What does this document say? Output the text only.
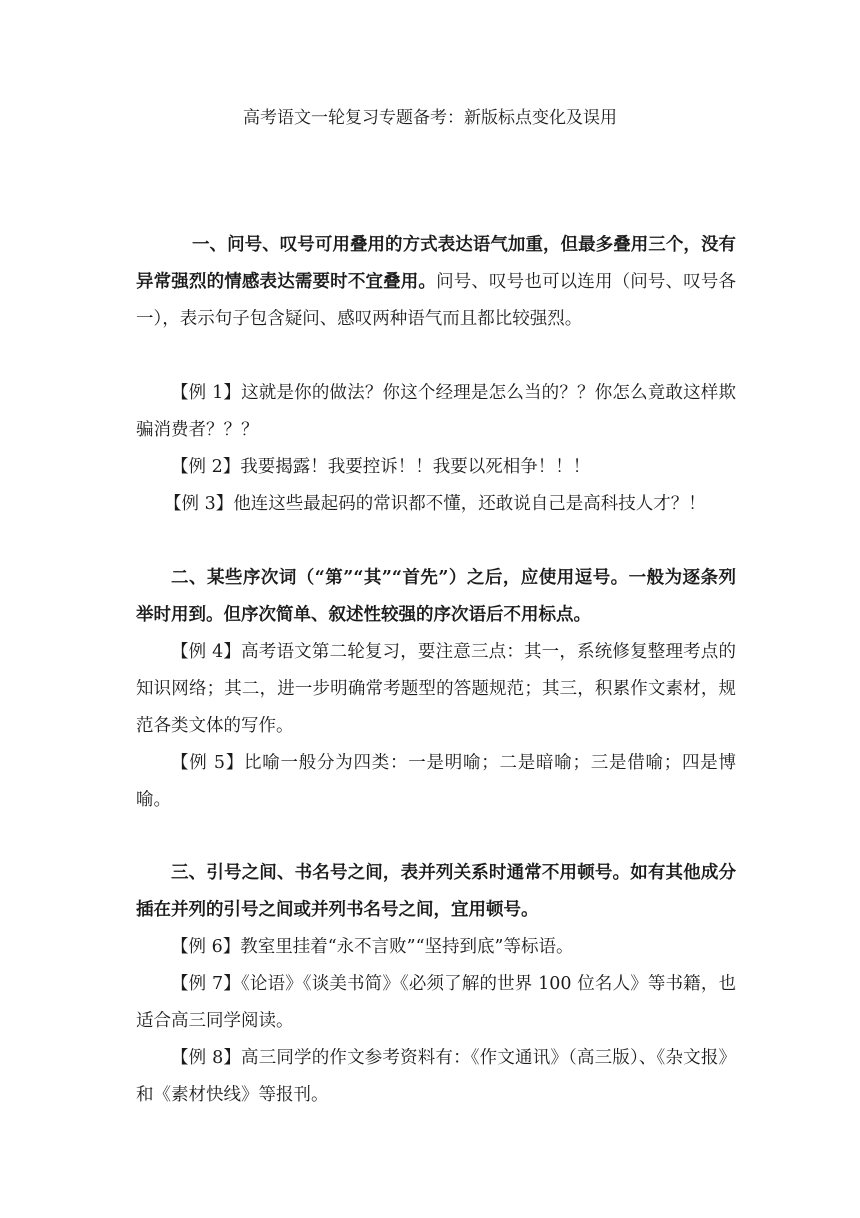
高考语文一轮复习专题备考：新版标点变化及误用
一、问号、叹号可用叠用的方式表达语气加重，但最多叠用三个，没有异常强烈的情感表达需要时不宜叠用。问号、叹号也可以连用（问号、叹号各一），表示句子包含疑问、感叹两种语气而且都比较强烈。
【例 1】这就是你的做法？你这个经理是怎么当的？？你怎么竟敢这样欺骗消费者？？？
【例 2】我要揭露！我要控诉！！我要以死相争！！！
【例 3】他连这些最起码的常识都不懂，还敢说自己是高科技人才？！
二、某些序次词（“第”“其”“首先”）之后，应使用逗号。一般为逐条列举时用到。但序次简单、叙述性较强的序次语后不用标点。
【例 4】高考语文第二轮复习，要注意三点：其一，系统修复整理考点的知识网络；其二，进一步明确常考题型的答题规范；其三，积累作文素材，规范各类文体的写作。
【例 5】比喻一般分为四类：一是明喻；二是暗喻；三是借喻；四是博喻。
三、引号之间、书名号之间，表并列关系时通常不用顿号。如有其他成分插在并列的引号之间或并列书名号之间，宜用顿号。
【例 6】教室里挂着“永不言败”“坚持到底”等标语。
【例 7】《论语》《谈美书简》《必须了解的世界 100 位名人》等书籍，也适合高三同学阅读。
【例 8】高三同学的作文参考资料有：《作文通讯》（高三版）、《杂文报》和《素材快线》等报刊。
